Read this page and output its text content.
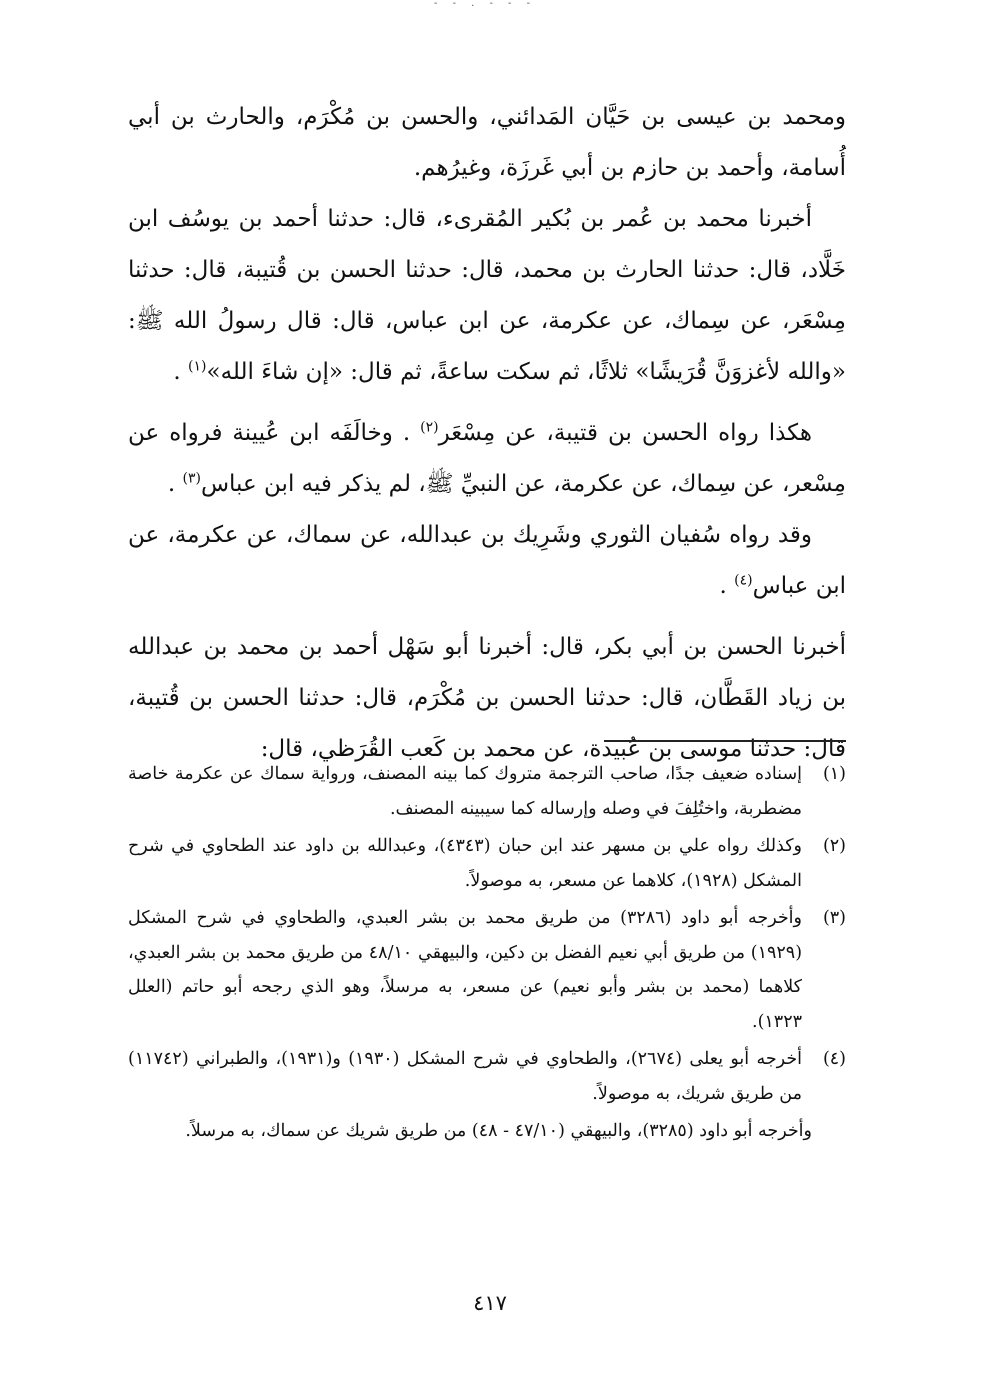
- - . - - -

ومحمد بن عيسى بن حَيَّان المَدائني، والحسن بن مُكْرَم، والحارث بن أبي أُسامة، وأحمد بن حازم بن أبي غَرزَة، وغيرُهم.

أخبرنا محمد بن عُمر بن بُكير المُقرىء، قال: حدثنا أحمد بن يوسُف ابن خَلَّاد، قال: حدثنا الحارث بن محمد، قال: حدثنا الحسن بن قُتيبة، قال: حدثنا مِسْعَر، عن سِماك، عن عكرمة، عن ابن عباس، قال: قال رسولُ الله ﷺ: «والله لأغزوَنَّ قُرَيشًا» ثلاثًا، ثم سكت ساعةً، ثم قال: «إن شاءَ الله»$^{(١)}$ .

هكذا رواه الحسن بن قتيبة، عن مِسْعَر$^{(٢)}$ . وخالَفَه ابن عُيينة فرواه عن مِسْعر، عن سِماك، عن عكرمة، عن النبيِّ ﷺ، لم يذكر فيه ابن عباس$^{(٣)}$ .

وقد رواه سُفيان الثوري وشَرِيك بن عبدالله، عن سماك، عن عكرمة، عن ابن عباس$^{(٤)}$ .

أخبرنا الحسن بن أبي بكر، قال: أخبرنا أبو سَهْل أحمد بن محمد بن عبدالله بن زياد القَطَّان، قال: حدثنا الحسن بن مُكْرَم، قال: حدثنا الحسن بن قُتيبة، قال: حدثنا موسى بن عُبيدة، عن محمد بن كَعب القُرَظي، قال:

(١)
إسناده ضعيف جدًا، صاحب الترجمة متروك كما بينه المصنف، ورواية سماك عن عكرمة خاصة مضطربة، واختُلِفَ في وصله وإرساله كما سيبينه المصنف.
(٢)
وكذلك رواه علي بن مسهر عند ابن حبان (٤٣٤٣)، وعبدالله بن داود عند الطحاوي في شرح المشكل (١٩٢٨)، كلاهما عن مسعر، به موصولاً.
(٣)
وأخرجه أبو داود (٣٢٨٦) من طريق محمد بن بشر العبدي، والطحاوي في شرح المشكل (١٩٢٩) من طريق أبي نعيم الفضل بن دكين، والبيهقي ٤٨/١٠ من طريق محمد بن بشر العبدي، كلاهما (محمد بن بشر وأبو نعيم) عن مسعر، به مرسلاً، وهو الذي رجحه أبو حاتم (العلل ١٣٢٣).
(٤)
أخرجه أبو يعلى (٢٦٧٤)، والطحاوي في شرح المشكل (١٩٣٠) و(١٩٣١)، والطبراني (١١٧٤٢) من طريق شريك، به موصولاً.

وأخرجه أبو داود (٣٢٨٥)، والبيهقي (٤٧/١٠ - ٤٨) من طريق شريك عن سماك، به مرسلاً.

٤١٧
